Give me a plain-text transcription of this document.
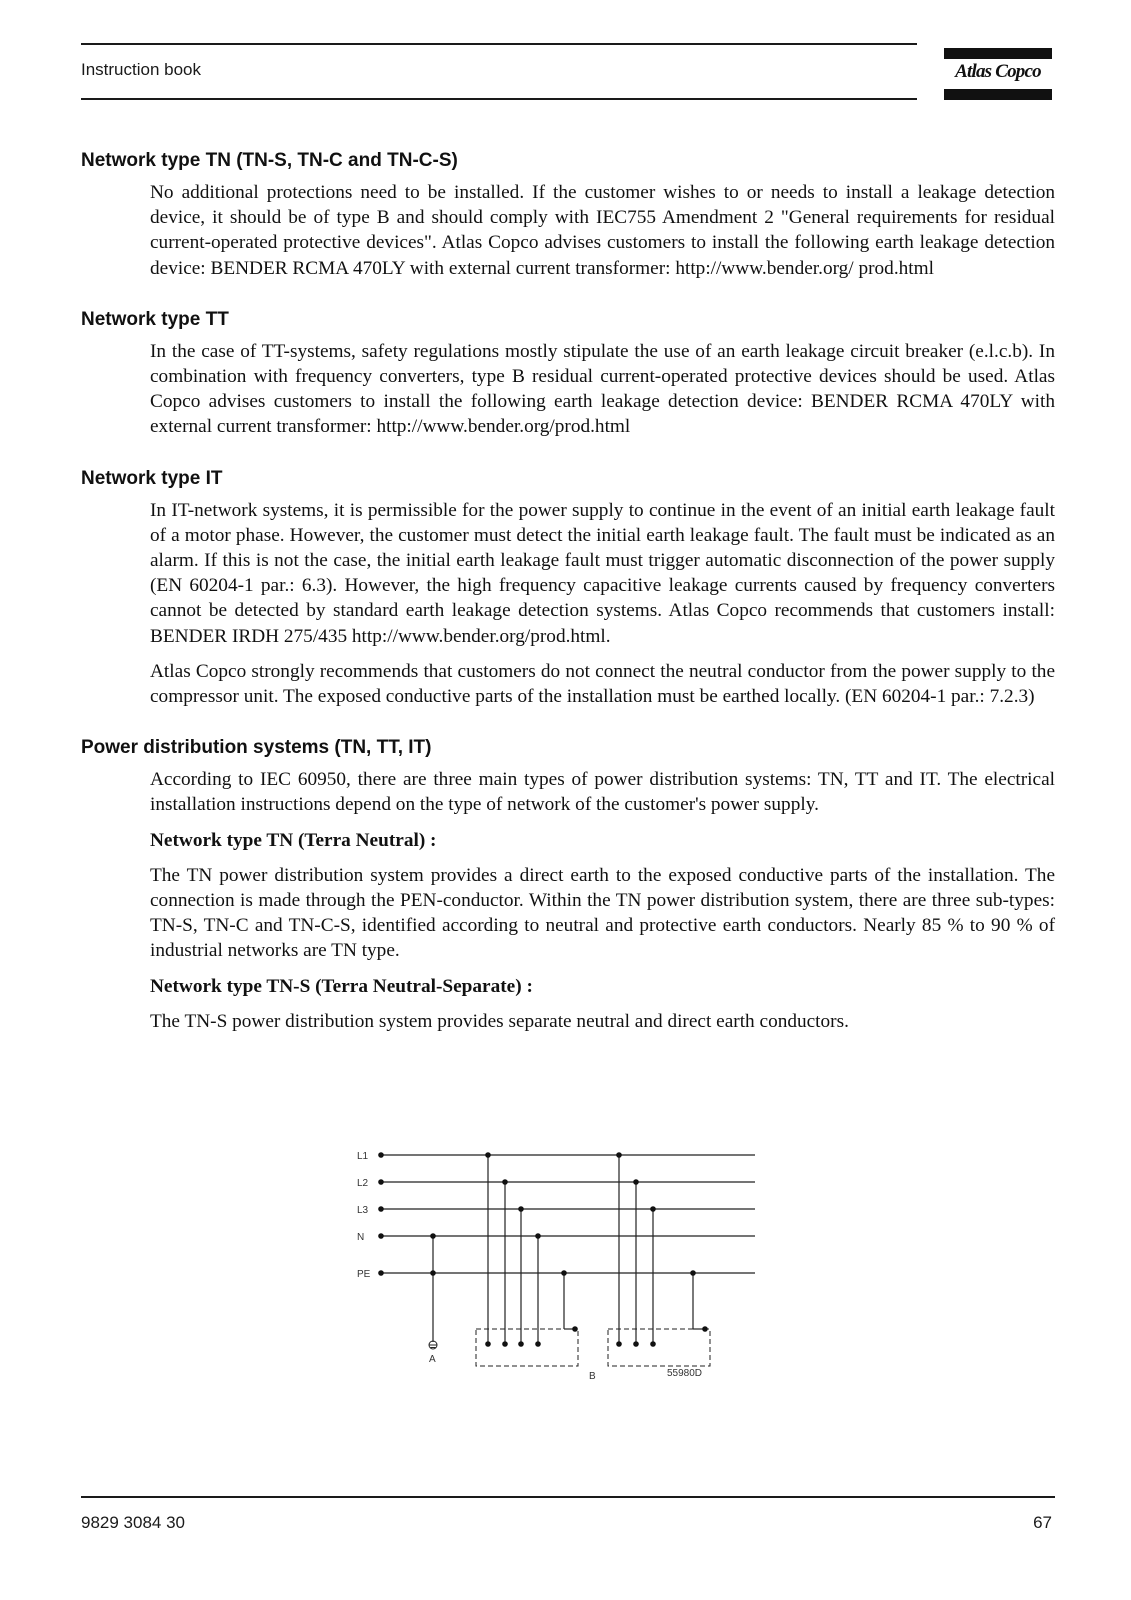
Instruction book	Atlas Copco
Network type TN (TN-S, TN-C and TN-C-S)

No additional protections need to be installed. If the customer wishes to or needs to install a leakage detection device, it should be of type B and should comply with IEC755 Amendment 2 "General requirements for residual current-operated protective devices". Atlas Copco advises customers to install the following earth leakage detection device: BENDER RCMA 470LY with external current transformer: http://www.bender.org/ prod.html

Network type TT

In the case of TT-systems, safety regulations mostly stipulate the use of an earth leakage circuit breaker (e.l.c.b). In combination with frequency converters, type B residual current-operated protective devices should be used. Atlas Copco advises customers to install the following earth leakage detection device: BENDER RCMA 470LY with external current transformer: http://www.bender.org/prod.html

Network type IT

In IT-network systems, it is permissible for the power supply to continue in the event of an initial earth leakage fault of a motor phase. However, the customer must detect the initial earth leakage fault. The fault must be indicated as an alarm. If this is not the case, the initial earth leakage fault must trigger automatic disconnection of the power supply (EN 60204-1 par.: 6.3). However, the high frequency capacitive leakage currents caused by frequency converters cannot be detected by standard earth leakage detection systems. Atlas Copco recommends that customers install: BENDER IRDH 275/435 http://www.bender.org/prod.html.

Atlas Copco strongly recommends that customers do not connect the neutral conductor from the power supply to the compressor unit. The exposed conductive parts of the installation must be earthed locally. (EN 60204-1 par.: 7.2.3)

Power distribution systems (TN, TT, IT)

According to IEC 60950, there are three main types of power distribution systems: TN, TT and IT. The electrical installation instructions depend on the type of network of the customer's power supply.

Network type TN (Terra Neutral) :

The TN power distribution system provides a direct earth to the exposed conductive parts of the installation. The connection is made through the PEN-conductor. Within the TN power distribution system, there are three sub-types: TN-S, TN-C and TN-C-S, identified according to neutral and protective earth conductors. Nearly 85 % to 90 % of industrial networks are TN type.

Network type TN-S (Terra Neutral-Separate) :

The TN-S power distribution system provides separate neutral and direct earth conductors.

L1
L2
L3
N
PE
A
B	55980D
9829 3084 30	67
